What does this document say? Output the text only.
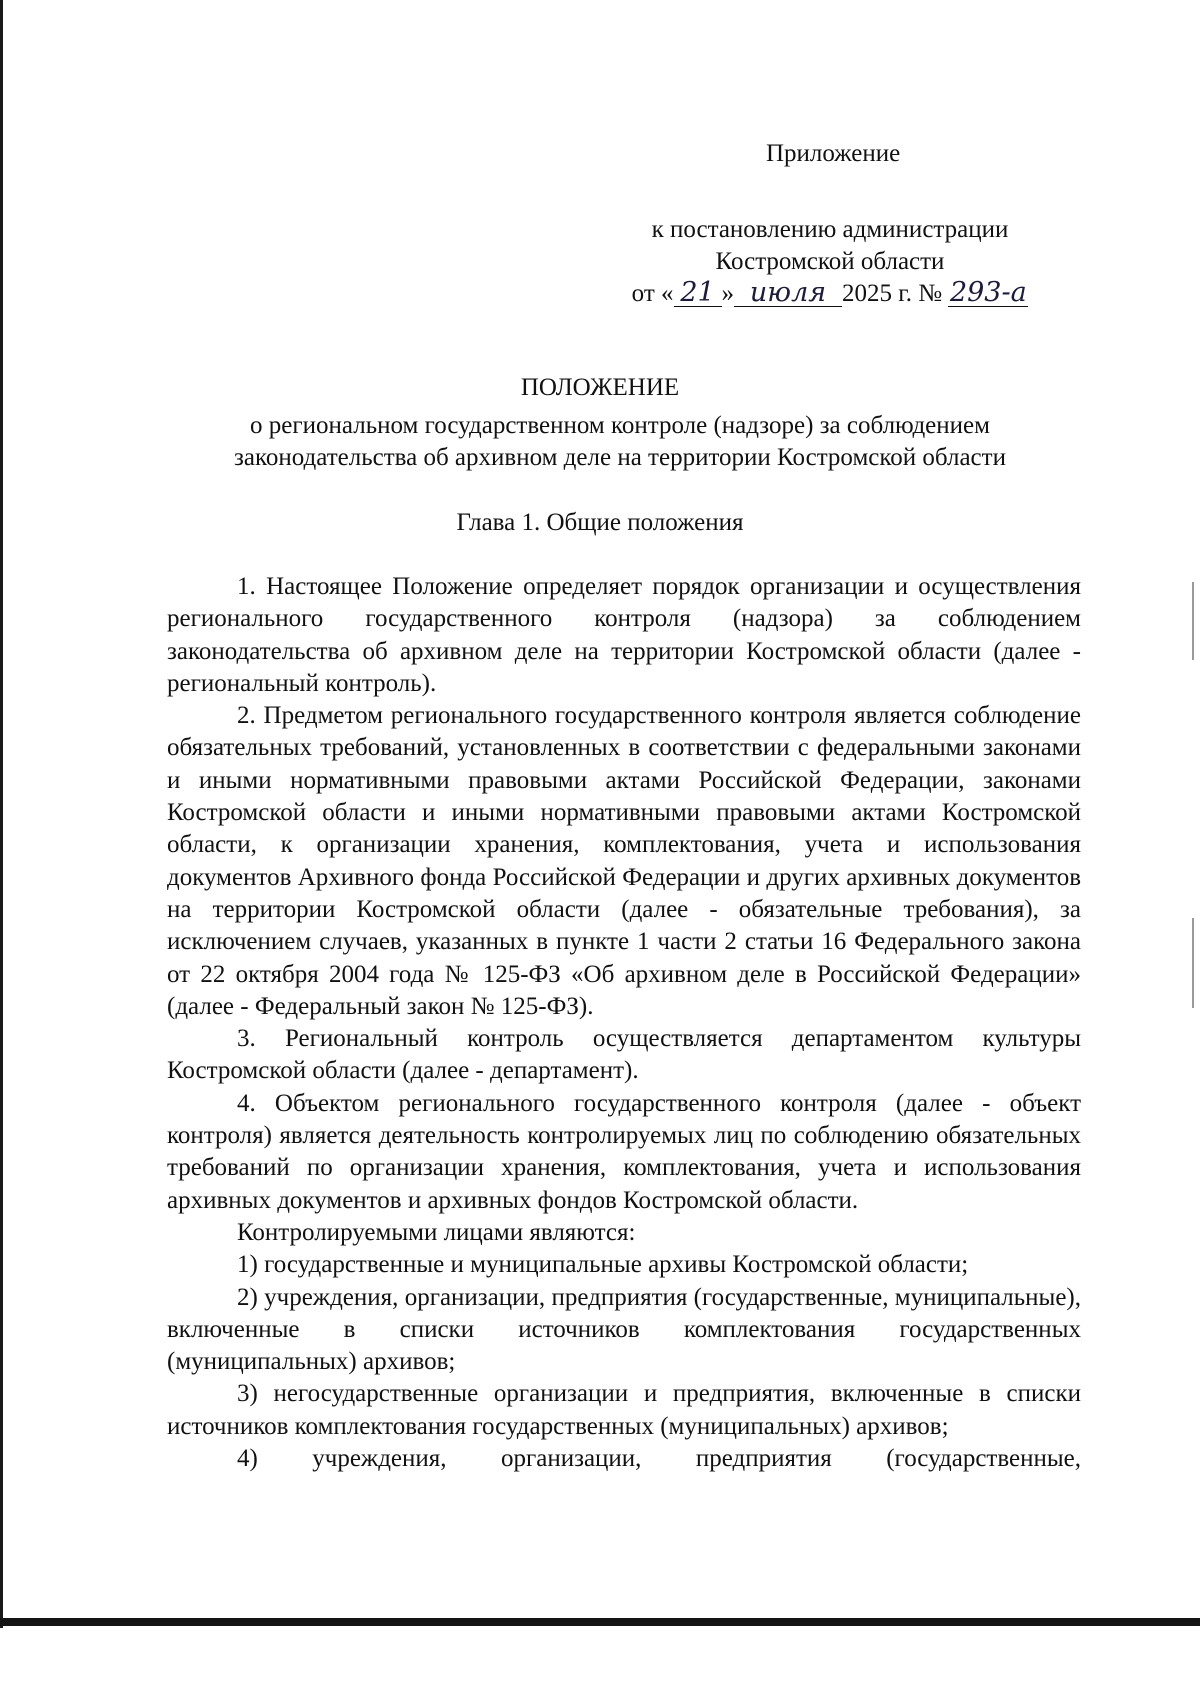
Приложение
к постановлению администрации
Костромской области
от « 21 » июля 2025 г. № 293-а
ПОЛОЖЕНИЕ
о региональном государственном контроле (надзоре) за соблюдением законодательства об архивном деле на территории Костромской области
Глава 1. Общие положения

1. Настоящее Положение определяет порядок организации и осуществления регионального государственного контроля (надзора) за соблюдением законодательства об архивном деле на территории Костромской области (далее - региональный контроль).

2. Предметом регионального государственного контроля является соблюдение обязательных требований, установленных в соответствии с федеральными законами и иными нормативными правовыми актами Российской Федерации, законами Костромской области и иными нормативными правовыми актами Костромской области, к организации хранения, комплектования, учета и использования документов Архивного фонда Российской Федерации и других архивных документов на территории Костромской области (далее - обязательные требования), за исключением случаев, указанных в пункте 1 части 2 статьи 16 Федерального закона от 22 октября 2004 года № 125-ФЗ «Об архивном деле в Российской Федерации» (далее - Федеральный закон № 125-ФЗ).

3. Региональный контроль осуществляется департаментом культуры Костромской области (далее - департамент).

4. Объектом регионального государственного контроля (далее - объект контроля) является деятельность контролируемых лиц по соблюдению обязательных требований по организации хранения, комплектования, учета и использования архивных документов и архивных фондов Костромской области.

Контролируемыми лицами являются:

1) государственные и муниципальные архивы Костромской области;

2) учреждения, организации, предприятия (государственные, муниципальные), включенные в списки источников комплектования государственных (муниципальных) архивов;

3) негосударственные организации и предприятия, включенные в списки источников комплектования государственных (муниципальных) архивов;

4) учреждения, организации, предприятия (государственные,
